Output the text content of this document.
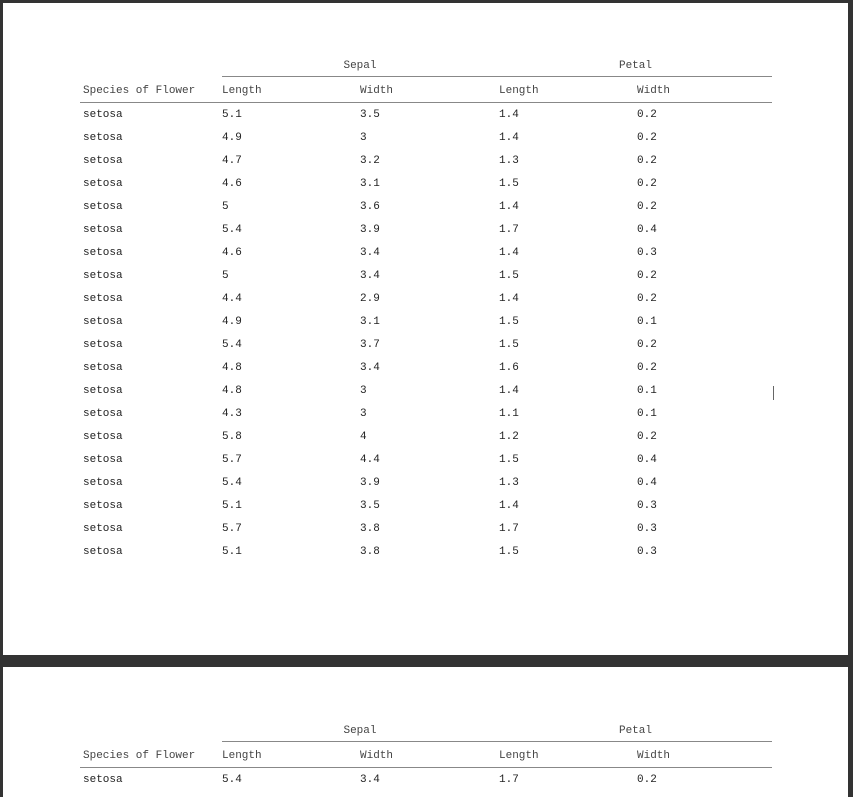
Sepal	Petal
Species of Flower Length	Width	Length	Width
setosa	5.1	3.5	1.4	0.2
setosa	4.9	3	1.4	0.2
setosa	4.7	3.2	1.3	0.2
setosa	4.6	3.1	1.5	0.2
setosa	5	3.6	1.4	0.2
setosa	5.4	3.9	1.7	0.4
setosa	4.6	3.4	1.4	0.3
setosa	5	3.4	1.5	0.2
setosa	4.4	2.9	1.4	0.2
setosa	4.9	3.1	1.5	0.1
setosa	5.4	3.7	1.5	0.2
setosa	4.8	3.4	1.6	0.2
setosa	4.8	3	1.4	0.1
setosa	4.3	3	1.1	0.1
setosa	5.8	4	1.2	0.2
setosa	5.7	4.4	1.5	0.4
setosa	5.4	3.9	1.3	0.4
setosa	5.1	3.5	1.4	0.3
setosa	5.7	3.8	1.7	0.3
setosa	5.1	3.8	1.5	0.3
Sepal	Petal
Species of Flower Length	Width	Length	Width
setosa	5.4	3.4	1.7	0.2
